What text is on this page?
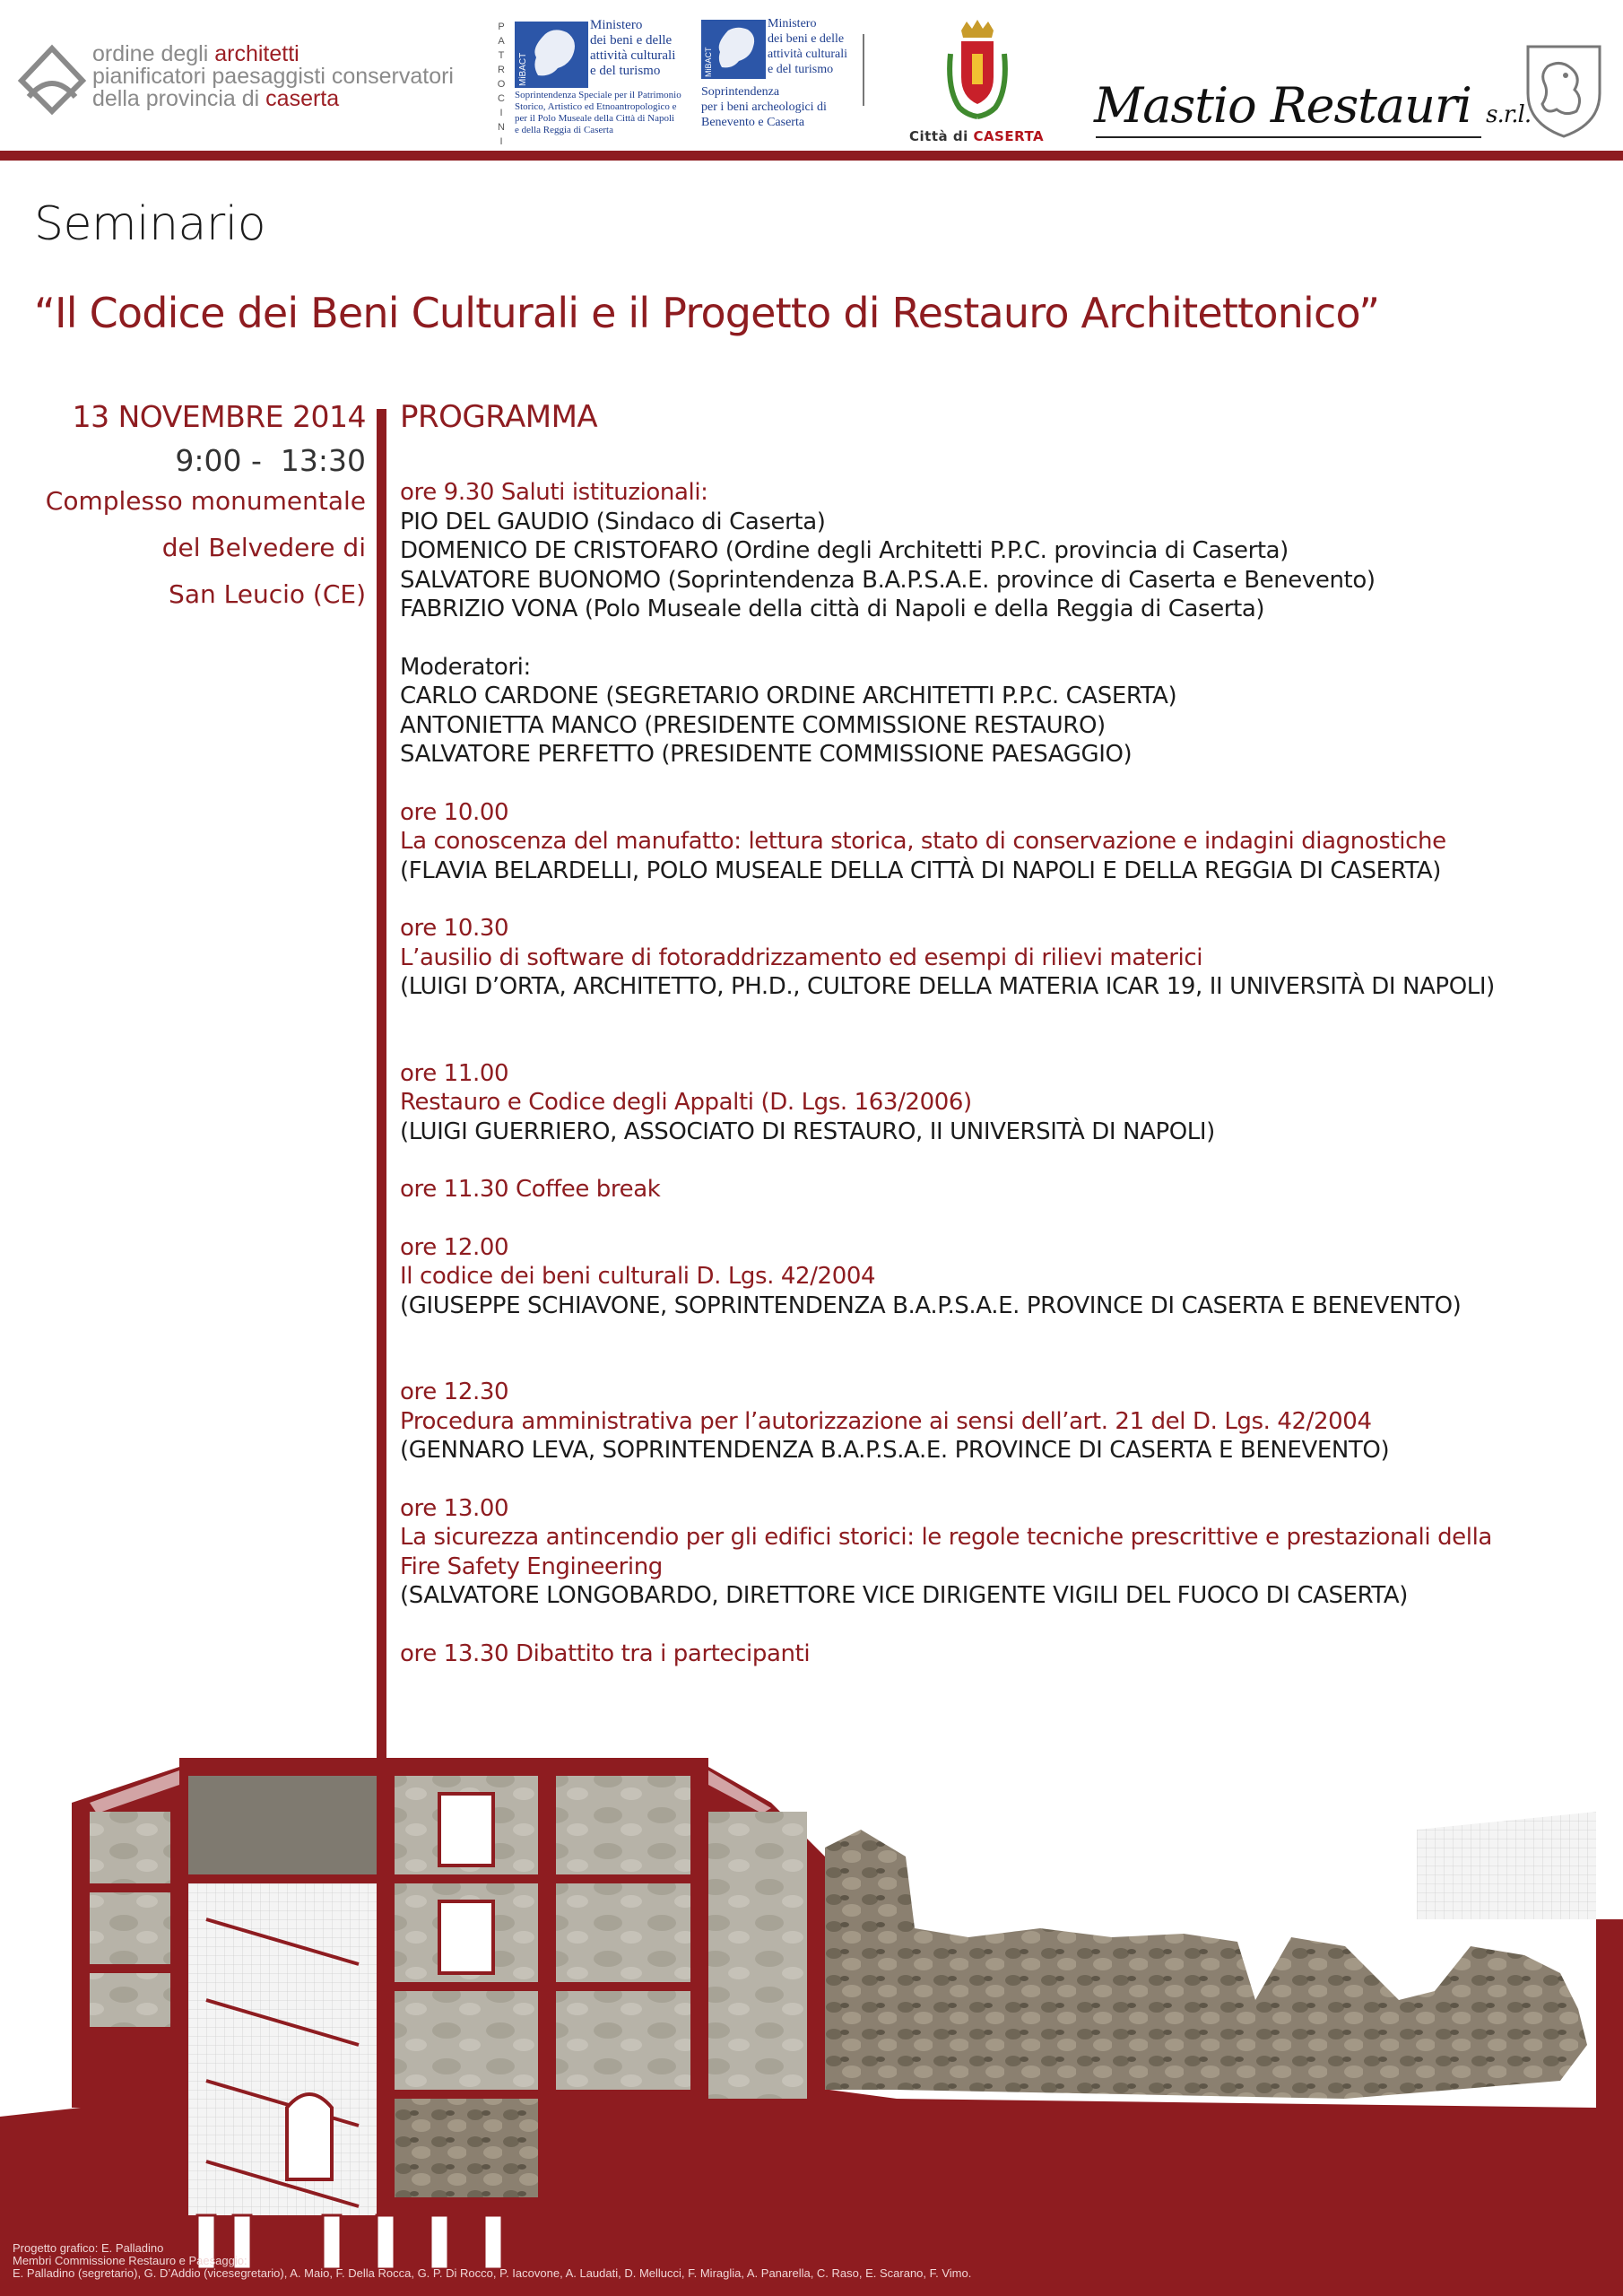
ordine degli architetti
pianificatori paesaggisti conservatori
della provincia di caserta
P
A
T
R
O
C
I
N
I
MiBACT
Ministero
dei beni e delle
attività culturali
e del turismo
Soprintendenza Speciale per il Patrimonio
Storico, Artistico ed Etnoantropologico e
per il Polo Museale della Città di Napoli
e della Reggia di Caserta
MiBACT
Ministero
dei beni e delle
attività culturali
e del turismo
Soprintendenza
per i beni archeologici di
Benevento e Caserta
Città di CASERTA
Mastio Restauri s.r.l.
Seminario
“Il Codice dei Beni Culturali e il Progetto di Restauro Architettonico”
13 NOVEMBRE 2014
9:00 -  13:30
Complesso monumentale
del Belvedere di
San Leucio (CE)
PROGRAMMA
ore 9.30 Saluti istituzionali:
PIO DEL GAUDIO (Sindaco di Caserta)
DOMENICO DE CRISTOFARO (Ordine degli Architetti P.P.C. provincia di Caserta)
SALVATORE BUONOMO (Soprintendenza B.A.P.S.A.E. province di Caserta e Benevento)
FABRIZIO VONA (Polo Museale della città di Napoli e della Reggia di Caserta)
Moderatori:
CARLO CARDONE (SEGRETARIO ORDINE ARCHITETTI P.P.C. CASERTA)
ANTONIETTA MANCO (PRESIDENTE COMMISSIONE RESTAURO)
SALVATORE PERFETTO (PRESIDENTE COMMISSIONE PAESAGGIO)
ore 10.00
La conoscenza del manufatto: lettura storica, stato di conservazione e indagini diagnostiche
(FLAVIA BELARDELLI, POLO MUSEALE DELLA CITTÀ DI NAPOLI E DELLA REGGIA DI CASERTA)
ore 10.30
L’ausilio di software di fotoraddrizzamento ed esempi di rilievi materici
(LUIGI D’ORTA, ARCHITETTO, PH.D., CULTORE DELLA MATERIA ICAR 19, II UNIVERSITÀ DI NAPOLI)
ore 11.00
Restauro e Codice degli Appalti (D. Lgs. 163/2006)
(LUIGI GUERRIERO, ASSOCIATO DI RESTAURO, II UNIVERSITÀ DI NAPOLI)
ore 11.30 Coffee break
ore 12.00
Il codice dei beni culturali D. Lgs. 42/2004
(GIUSEPPE SCHIAVONE, SOPRINTENDENZA B.A.P.S.A.E. PROVINCE DI CASERTA E BENEVENTO)
ore 12.30
Procedura amministrativa per l’autorizzazione ai sensi dell’art. 21 del D. Lgs. 42/2004
(GENNARO LEVA, SOPRINTENDENZA B.A.P.S.A.E. PROVINCE DI CASERTA E BENEVENTO)
ore 13.00
La sicurezza antincendio per gli edifici storici: le regole tecniche prescrittive e prestazionali della
Fire Safety Engineering
(SALVATORE LONGOBARDO, DIRETTORE VICE DIRIGENTE VIGILI DEL FUOCO DI CASERTA)
ore 13.30 Dibattito tra i partecipanti
Progetto grafico: E. Palladino
Membri Commissione Restauro e Paesaggio:
E. Palladino (segretario), G. D’Addio (vicesegretario), A. Maio, F. Della Rocca, G. P. Di Rocco, P. Iacovone, A. Laudati, D. Mellucci, F. Miraglia, A. Panarella, C. Raso, E. Scarano, F. Vimo.
